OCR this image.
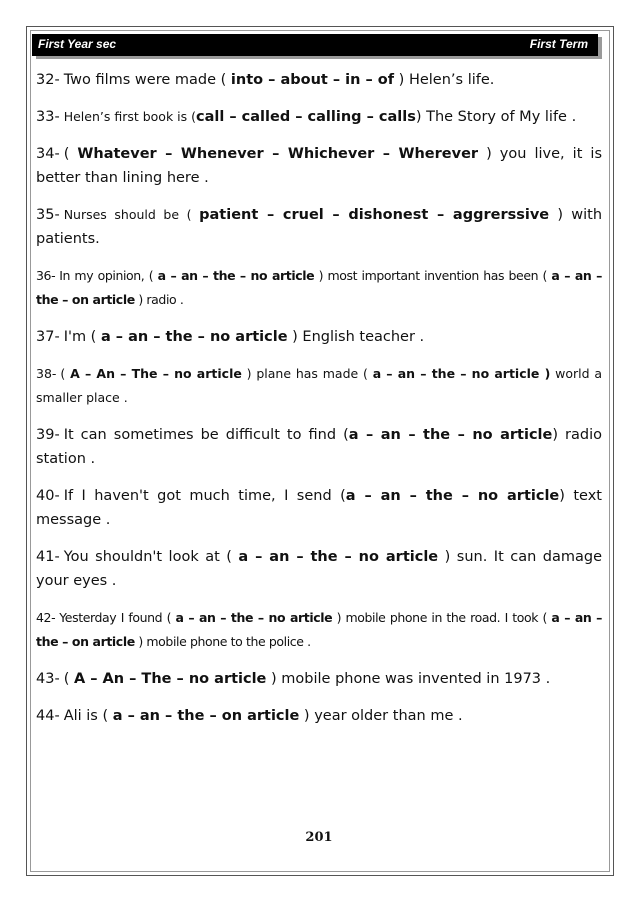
First Year sec	First Term

32- Two films were made ( into – about – in – of ) Helen’s life.

33- Helen’s first book is (call – called – calling – calls) The Story of My life .

34- ( Whatever – Whenever – Whichever – Wherever ) you live, it is better than lining here .

35- Nurses should be ( patient – cruel – dishonest – aggrerssive ) with patients.

36- In my opinion, ( a – an – the – no article ) most important invention has been ( a – an – the – on article ) radio .

37- I'm ( a – an – the – no article ) English teacher .

38- ( A – An – The – no article ) plane has made ( a – an – the – no article ) world a smaller place .

39- It can sometimes be difficult to find (a – an – the – no article) radio station .

40- If I haven't got much time, I send (a – an – the – no article) text message .

41- You shouldn't look at ( a – an – the – no article ) sun. It can damage your eyes .

42- Yesterday I found ( a – an – the – no article ) mobile phone in the road. I took ( a – an – the – on article ) mobile phone to the police .

43- ( A – An – The – no article ) mobile phone was invented in 1973 .

44- Ali is ( a – an – the – on article ) year older than me .

201
